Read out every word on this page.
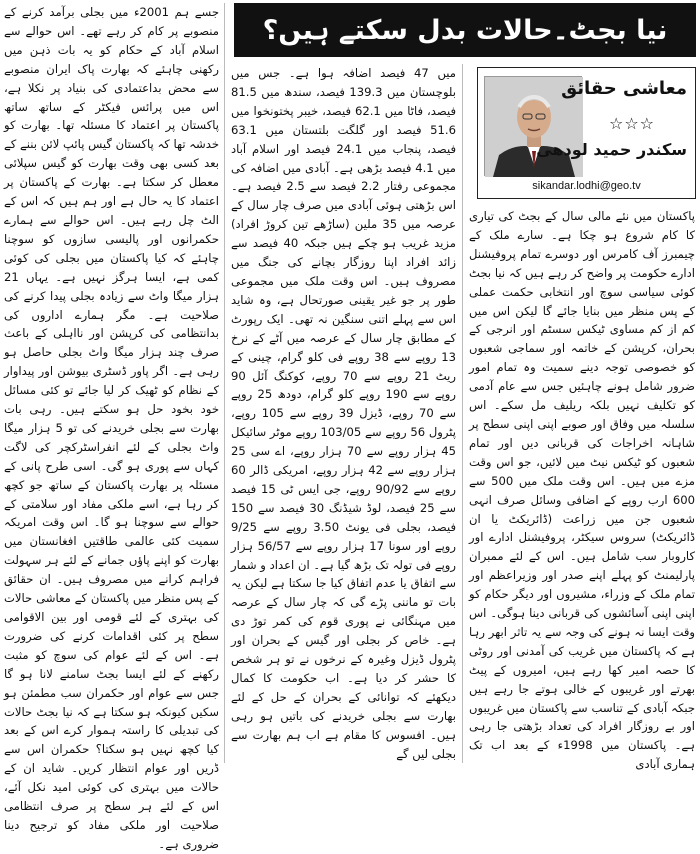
نیا بجٹ۔حالات بدل سکتے ہیں؟
معاشی حقائق
☆☆☆
سکندر حمید لودھی
sikandar.lodhi@geo.tv

پاکستان میں نئے مالی سال کے بجٹ کی تیاری کا کام شروع ہو چکا ہے۔ سارے ملک کے چیمبرز آف کامرس اور دوسرے تمام پروفیشنل ادارے حکومت پر واضح کر رہے ہیں کہ نیا بجٹ کوئی سیاسی سوچ اور انتخابی حکمت عملی کے پس منظر میں بنایا جائے گا لیکن اس میں کم از کم مساوی ٹیکس سسٹم اور انرجی کے بحران، کرپشن کے خاتمہ اور سماجی شعبوں کو خصوصی توجہ دینے سمیت وہ تمام امور ضرور شامل ہونے چاہئیں جس سے عام آدمی کو تکلیف نہیں بلکہ ریلیف مل سکے۔ اس سلسلہ میں وفاق اور صوبے اپنی اپنی سطح پر شاہانہ اخراجات کی قربانی دیں اور تمام شعبوں کو ٹیکس نیٹ میں لائیں، جو اس وقت مزے میں ہیں۔ اس وقت ملک میں 500 سے 600 ارب روپے کے اضافی وسائل صرف انہی شعبوں جن میں زراعت (ڈائریکٹ یا ان ڈائریکٹ) سروس سیکٹر، پروفیشنل ادارے اور کاروبار سب شامل ہیں۔ اس کے لئے ممبران پارلیمنٹ کو پہلے اپنے صدر اور وزیراعظم اور تمام ملک کے وزراء، مشیروں اور دیگر حکام کو اپنی اپنی آسائشوں کی قربانی دینا ہوگی۔ اس وقت ایسا نہ ہونے کی وجہ سے یہ تاثر ابھر رہا ہے کہ پاکستان میں غریب کی آمدنی اور روٹی کا حصہ امیر کھا رہے ہیں، امیروں کے پیٹ بھرتے اور غریبوں کے خالی ہوتے جا رہے ہیں جبکہ آبادی کے تناسب سے پاکستان میں غریبوں اور بے روزگار افراد کی تعداد بڑھتی جا رہی ہے۔ پاکستان میں 1998ء کے بعد اب تک ہماری آبادی

میں 47 فیصد اضافہ ہوا ہے۔ جس میں بلوچستان میں 139.3 فیصد، سندھ میں 81.5 فیصد، فاٹا میں 62.1 فیصد، خیبر پختونخوا میں 51.6 فیصد اور گلگت بلتستان میں 63.1 فیصد، پنجاب میں 24.1 فیصد اور اسلام آباد میں 4.1 فیصد بڑھی ہے۔ آبادی میں اضافہ کی مجموعی رفتار 2.2 فیصد سے 2.5 فیصد ہے۔ اس بڑھتی ہوئی آبادی میں صرف چار سال کے عرصہ میں 35 ملین (ساڑھے تین کروڑ افراد) مزید غریب ہو چکے ہیں جبکہ 40 فیصد سے زائد افراد اپنا روزگار بچانے کی جنگ میں مصروف ہیں۔ اس وقت ملک میں مجموعی طور پر جو غیر یقینی صورتحال ہے، وہ شاید اس سے پہلے اتنی سنگین نہ تھی۔ ایک رپورٹ کے مطابق چار سال کے عرصہ میں آٹے کے نرخ 13 روپے سے 38 روپے فی کلو گرام، چینی کے ریٹ 21 روپے سے 70 روپے، کوکنگ آئل 90 روپے سے 190 روپے کلو گرام، دودھ 25 روپے سے 70 روپے، ڈیزل 39 روپے سے 105 روپے، پٹرول 56 روپے سے 103/05 روپے موٹر سائیکل 45 ہزار روپے سے 70 ہزار روپے، اے سی 25 ہزار روپے سے 42 ہزار روپے، امریکی ڈالر 60 روپے سے 90/92 روپے، جی ایس ٹی 15 فیصد سے 25 فیصد، لوڈ شیڈنگ 30 فیصد سے 150 فیصد، بجلی فی یونٹ 3.50 روپے سے 9/25 روپے اور سونا 17 ہزار روپے سے 56/57 ہزار روپے فی تولہ تک بڑھ گیا ہے۔ ان اعداد و شمار سے اتفاق یا عدم اتفاق کیا جا سکتا ہے لیکن یہ بات تو ماننی پڑے گی کہ چار سال کے عرصہ میں مہنگائی نے پوری قوم کی کمر توڑ دی ہے۔ خاص کر بجلی اور گیس کے بحران اور پٹرول ڈیزل وغیرہ کے نرخوں نے تو ہر شخص کا حشر کر دیا ہے۔ اب حکومت کا کمال دیکھئے کہ توانائی کے بحران کے حل کے لئے بھارت سے بجلی خریدنے کی باتیں ہو رہی ہیں۔ افسوس کا مقام ہے اب ہم بھارت سے بجلی لیں گے

جسے ہم 2001ء میں بجلی برآمد کرنے کے منصوبے پر کام کر رہے تھے۔ اس حوالے سے اسلام آباد کے حکام کو یہ بات ذہن میں رکھنی چاہئے کہ بھارت پاک ایران منصوبے سے محض بداعتمادی کی بنیاد پر نکلا ہے، اس میں پرائس فیکٹر کے ساتھ ساتھ پاکستان پر اعتماد کا مسئلہ تھا۔ بھارت کو خدشہ تھا کہ پاکستان گیس پائپ لائن بننے کے بعد کسی بھی وقت بھارت کو گیس سپلائی معطل کر سکتا ہے۔ بھارت کے پاکستان پر اعتماد کا یہ حال ہے اور ہم ہیں کہ اس کے الٹ چل رہے ہیں۔ اس حوالے سے ہمارے حکمرانوں اور پالیسی سازوں کو سوچنا چاہئے کہ کیا پاکستان میں بجلی کی کوئی کمی ہے، ایسا ہرگز نہیں ہے۔ یہاں 21 ہزار میگا واٹ سے زیادہ بجلی پیدا کرنے کی صلاحیت ہے۔ مگر ہمارے اداروں کی بدانتظامی کی کرپشن اور نااہلی کے باعث صرف چند ہزار میگا واٹ بجلی حاصل ہو رہی ہے۔ اگر پاور ڈسٹری بیوشن اور پیداوار کے نظام کو ٹھیک کر لیا جائے تو کئی مسائل خود بخود حل ہو سکتے ہیں۔ رہی بات بھارت سے بجلی خریدنے کی تو 5 ہزار میگا واٹ بجلی کے لئے انفراسٹرکچر کی لاگت کہاں سے پوری ہو گی۔ اسی طرح پانی کے مسئلہ پر بھارت پاکستان کے ساتھ جو کچھ کر رہا ہے، اسے ملکی مفاد اور سلامتی کے حوالے سے سوچنا ہو گا۔ اس وقت امریکہ سمیت کئی عالمی طاقتیں افغانستان میں بھارت کو اپنے پاؤں جمانے کے لئے ہر سہولت فراہم کرانے میں مصروف ہیں۔ ان حقائق کے پس منظر میں پاکستان کے معاشی حالات کی بہتری کے لئے قومی اور بین الاقوامی سطح پر کئی اقدامات کرنے کی ضرورت ہے۔ اس کے لئے عوام کی سوچ کو مثبت رکھنے کے لئے ایسا بجٹ سامنے لانا ہو گا جس سے عوام اور حکمران سب مطمئن ہو سکیں کیونکہ ہو سکتا ہے کہ نیا بجٹ حالات کی تبدیلی کا راستہ ہموار کرے اس کے بعد کیا کچھ نہیں ہو سکتا؟ حکمران اس سے ڈریں اور عوام انتظار کریں۔ شاید ان کے حالات میں بہتری کی کوئی امید نکل آئے، اس کے لئے ہر سطح پر صرف انتظامی صلاحیت اور ملکی مفاد کو ترجیح دینا ضروری ہے۔
